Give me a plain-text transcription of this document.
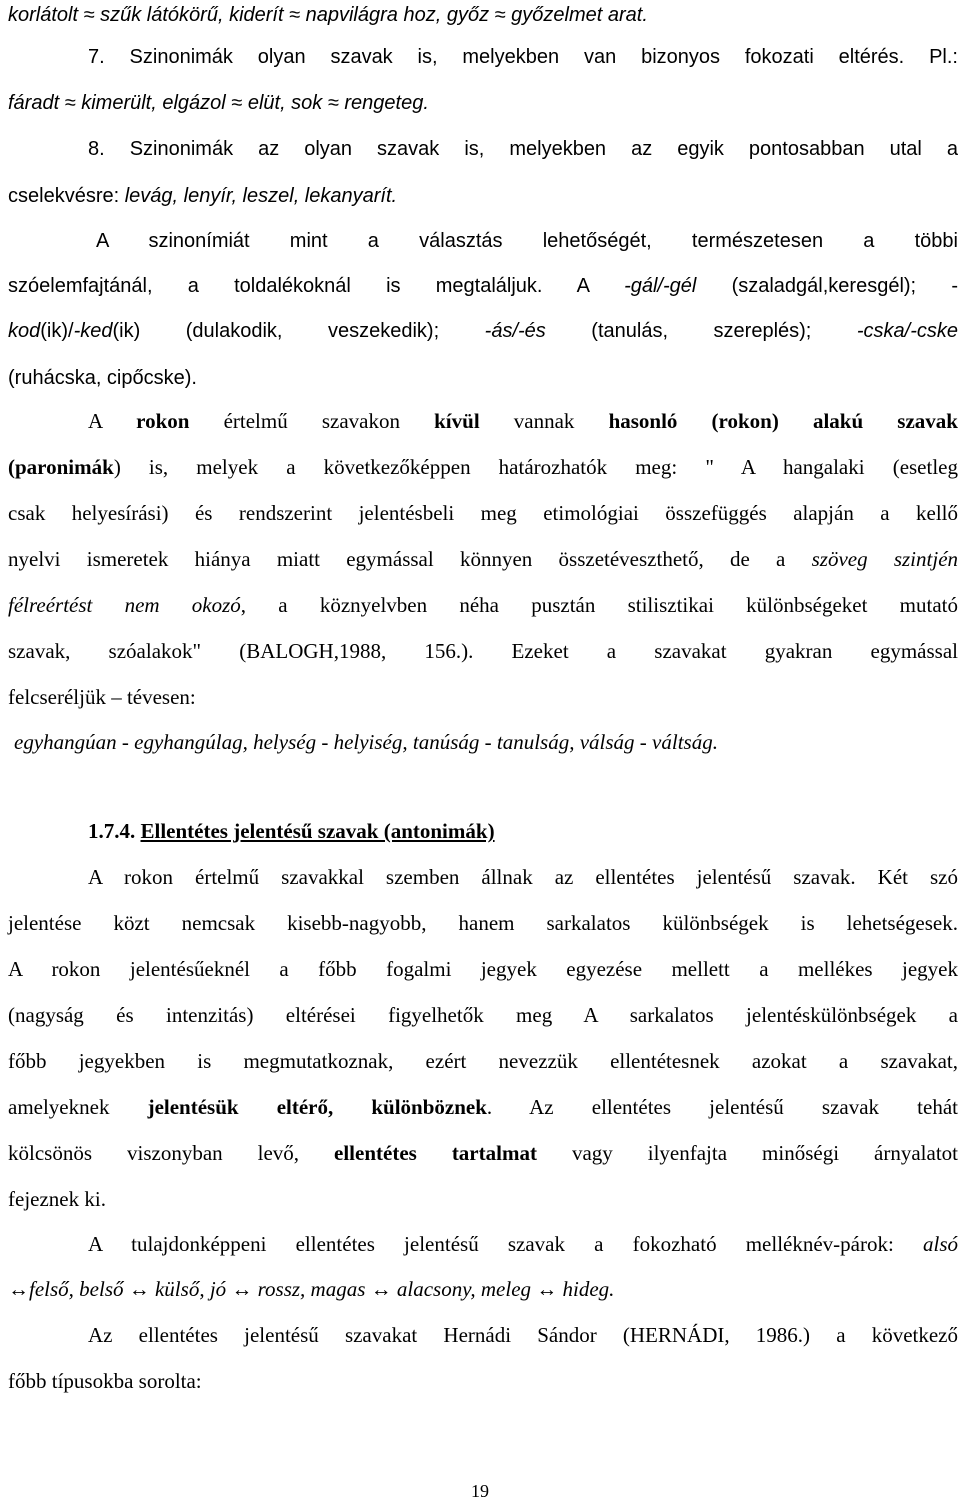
korlátolt ≈ szűk látókörű, kiderít ≈ napvilágra hoz, győz ≈ győzelmet arat.
7. Szinonimák olyan szavak is, melyekben van bizonyos fokozati eltérés. Pl.:
fáradt ≈ kimerült, elgázol ≈ elüt, sok ≈ rengeteg.
8. Szinonimák az olyan szavak is, melyekben az egyik pontosabban utal a
cselekvésre: levág, lenyír, leszel, lekanyarít.
A szinonímiát mint a választás lehetőségét, természetesen a többi
szóelemfajtánál, a toldalékoknál is megtaláljuk. A -gál/-gél (szaladgál,keresgél); -
kod(ik)/-ked(ik) (dulakodik, veszekedik); -ás/-és (tanulás, szereplés); -cska/-cske
(ruhácska, cipőcske).
A rokon értelmű szavakon kívül vannak hasonló (rokon) alakú szavak
(paronimák) is, melyek a következőképpen határozhatók meg: " A hangalaki (esetleg
csak helyesírási) és rendszerint jelentésbeli meg etimológiai összefüggés alapján a kellő
nyelvi ismeretek hiánya miatt egymással könnyen összetéveszthető, de a szöveg szintjén
félreértést nem okozó, a köznyelvben néha pusztán stilisztikai különbségeket mutató
szavak, szóalakok" (BALOGH,1988, 156.). Ezeket a szavakat gyakran egymással
felcseréljük – tévesen:
egyhangúan - egyhangúlag, helység - helyiség, tanúság - tanulság, válság - váltság.
1.7.4. Ellentétes jelentésű szavak (antonimák)
A rokon értelmű szavakkal szemben állnak az ellentétes jelentésű szavak. Két szó
jelentése közt nemcsak kisebb-nagyobb, hanem sarkalatos különbségek is lehetségesek.
A rokon jelentésűeknél a főbb fogalmi jegyek egyezése mellett a mellékes jegyek
(nagyság és intenzitás) eltérései figyelhetők meg A sarkalatos jelentéskülönbségek a
főbb jegyekben is megmutatkoznak, ezért nevezzük ellentétesnek azokat a szavakat,
amelyeknek jelentésük eltérő, különböznek. Az ellentétes jelentésű szavak tehát
kölcsönös viszonyban levő, ellentétes tartalmat vagy ilyenfajta minőségi árnyalatot
fejeznek ki.
A tulajdonképpeni ellentétes jelentésű szavak a fokozható melléknév-párok: alsó
↔felső, belső ↔ külső, jó ↔ rossz, magas ↔ alacsony, meleg ↔ hideg.
Az ellentétes jelentésű szavakat Hernádi Sándor (HERNÁDI, 1986.) a következő
főbb típusokba sorolta:
19
